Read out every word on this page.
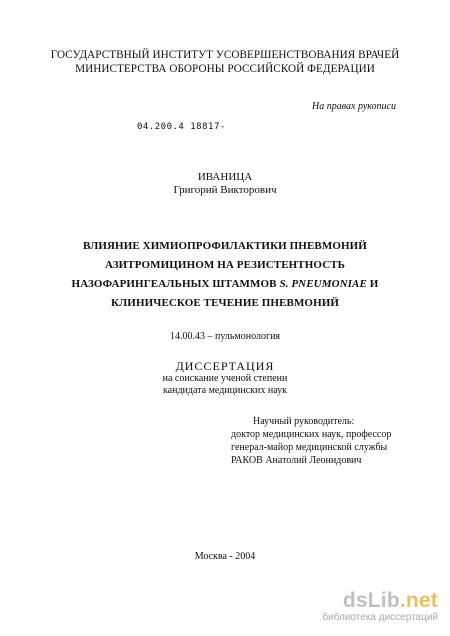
ГОСУДАРСТВНЫЙ ИНСТИТУТ УСОВЕРШЕНСТВОВАНИЯ ВРАЧЕЙ
МИНИСТЕРСТВА ОБОРОНЫ РОССИЙСКОЙ ФЕДЕРАЦИИ
На правах рукописи
04.200.4 18817-
ИВАНИЦА
Григорий Викторович
ВЛИЯНИЕ ХИМИОПРОФИЛАКТИКИ ПНЕВМОНИЙ
АЗИТРОМИЦИНОМ НА РЕЗИСТЕНТНОСТЬ
НАЗОФАРИНГЕАЛЬНЫХ ШТАММОВ S. PNEUMONIAE И
КЛИНИЧЕСКОЕ ТЕЧЕНИЕ ПНЕВМОНИЙ
14.00.43 – пульмонология
ДИССЕРТАЦИЯ
на соискание ученой степени
кандидата медицинских наук
Научный руководитель:
доктор медицинских наук, профессор
генерал-майор медицинской службы
РАКОВ Анатолий Леонидович
Москва - 2004
dsLib.net
библиотека диссертаций
